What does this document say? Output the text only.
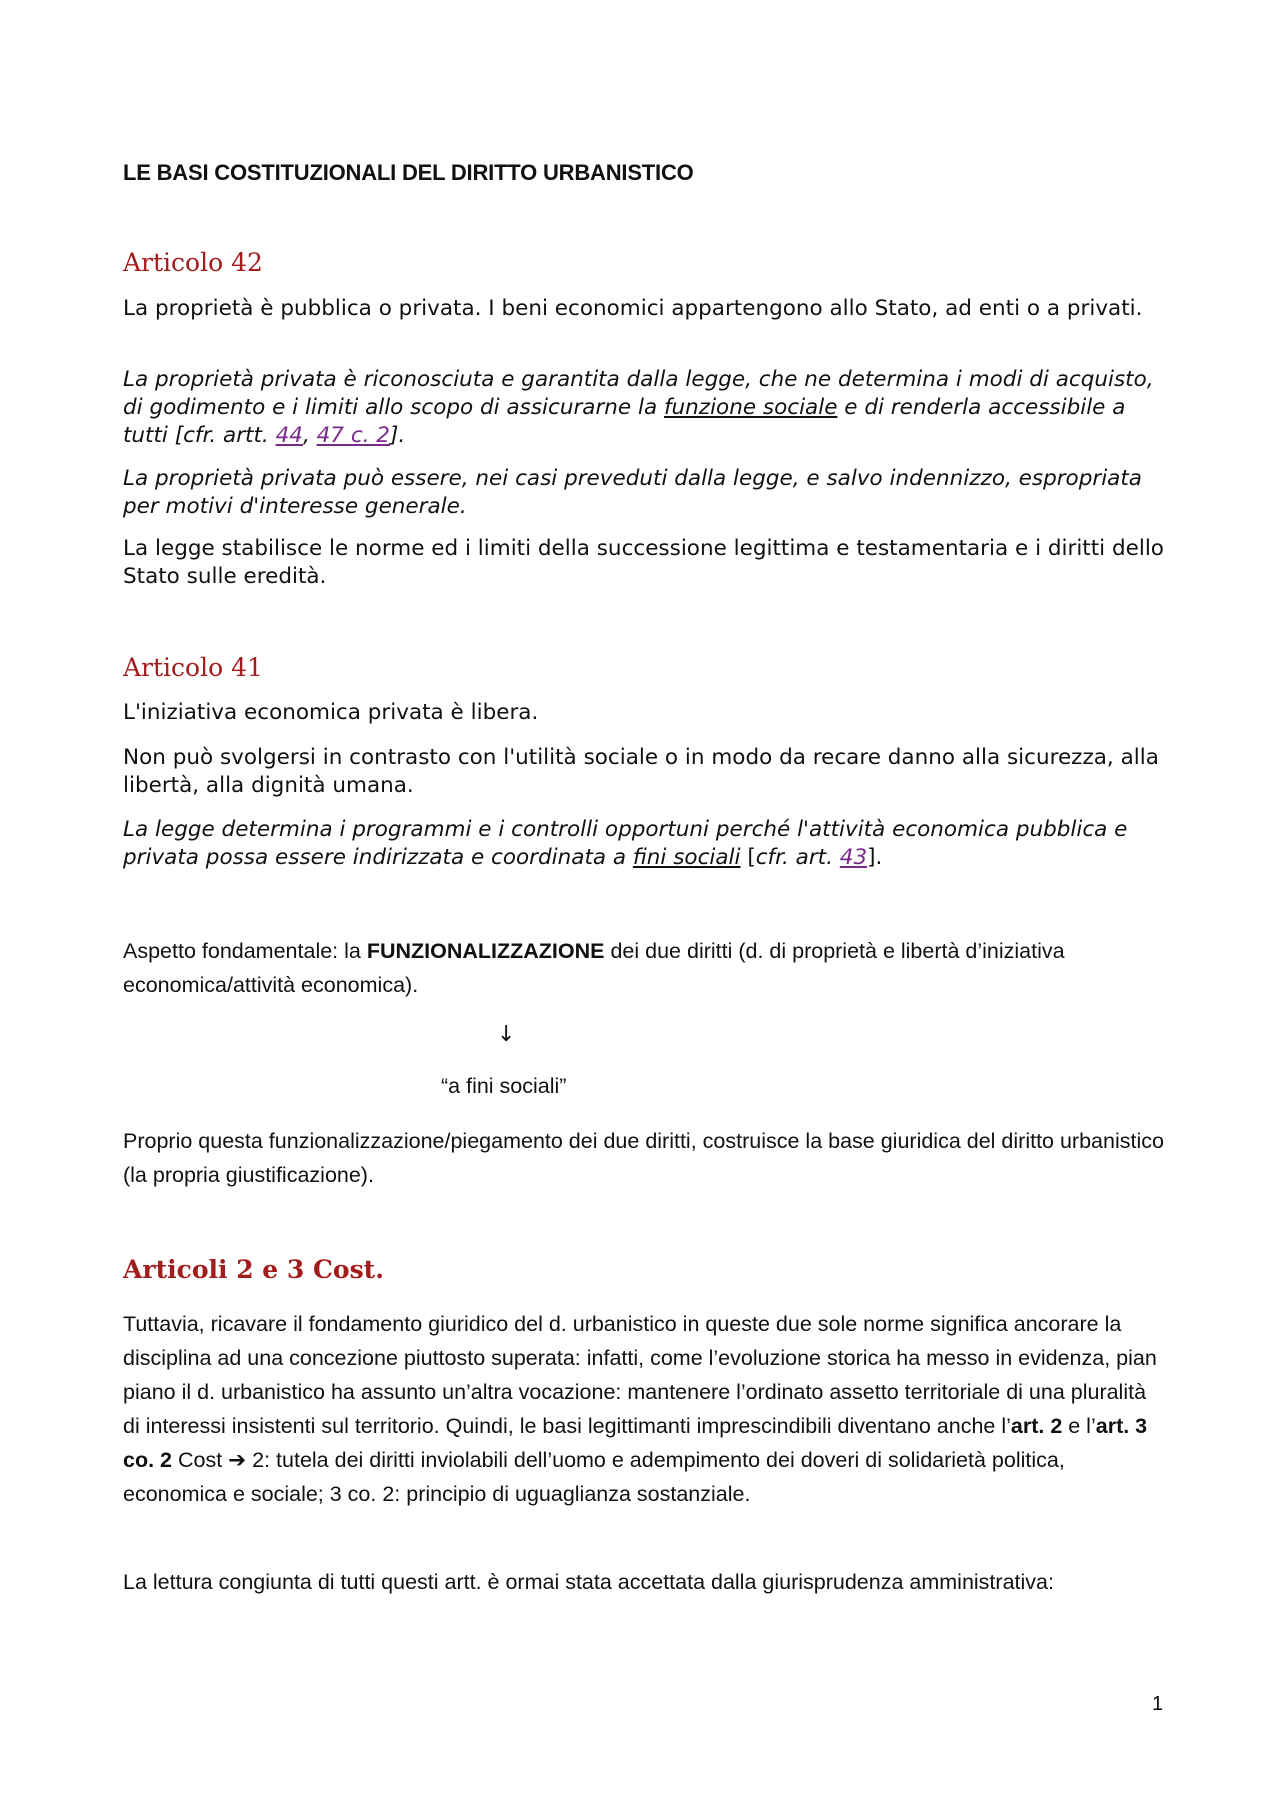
LE BASI COSTITUZIONALI DEL DIRITTO URBANISTICO
Articolo 42

La proprietà è pubblica o privata. I beni economici appartengono allo Stato, ad enti o a privati.

La proprietà privata è riconosciuta e garantita dalla legge, che ne determina i modi di acquisto, di godimento e i limiti allo scopo di assicurarne la funzione sociale e di renderla accessibile a tutti [cfr. artt. 44, 47 c. 2].

La proprietà privata può essere, nei casi preveduti dalla legge, e salvo indennizzo, espropriata per motivi d'interesse generale.

La legge stabilisce le norme ed i limiti della successione legittima e testamentaria e i diritti dello Stato sulle eredità.

Articolo 41

L'iniziativa economica privata è libera.

Non può svolgersi in contrasto con l'utilità sociale o in modo da recare danno alla sicurezza, alla libertà, alla dignità umana.

La legge determina i programmi e i controlli opportuni perché l'attività economica pubblica e privata possa essere indirizzata e coordinata a fini sociali [cfr. art. 43].

Aspetto fondamentale: la FUNZIONALIZZAZIONE dei due diritti (d. di proprietà e libertà d’iniziativa economica/attività economica).

↓

“a fini sociali”

Proprio questa funzionalizzazione/piegamento dei due diritti, costruisce la base giuridica del diritto urbanistico (la propria giustificazione).

Articoli 2 e 3 Cost.

Tuttavia, ricavare il fondamento giuridico del d. urbanistico in queste due sole norme significa ancorare la disciplina ad una concezione piuttosto superata: infatti, come l’evoluzione storica ha messo in evidenza, pian piano il d. urbanistico ha assunto un’altra vocazione: mantenere l’ordinato assetto territoriale di una pluralità di interessi insistenti sul territorio. Quindi, le basi legittimanti imprescindibili diventano anche l’art. 2 e l’art. 3 co. 2 Cost ➔ 2: tutela dei diritti inviolabili dell’uomo e adempimento dei doveri di solidarietà politica, economica e sociale; 3 co. 2: principio di uguaglianza sostanziale.

La lettura congiunta di tutti questi artt. è ormai stata accettata dalla giurisprudenza amministrativa:

1
